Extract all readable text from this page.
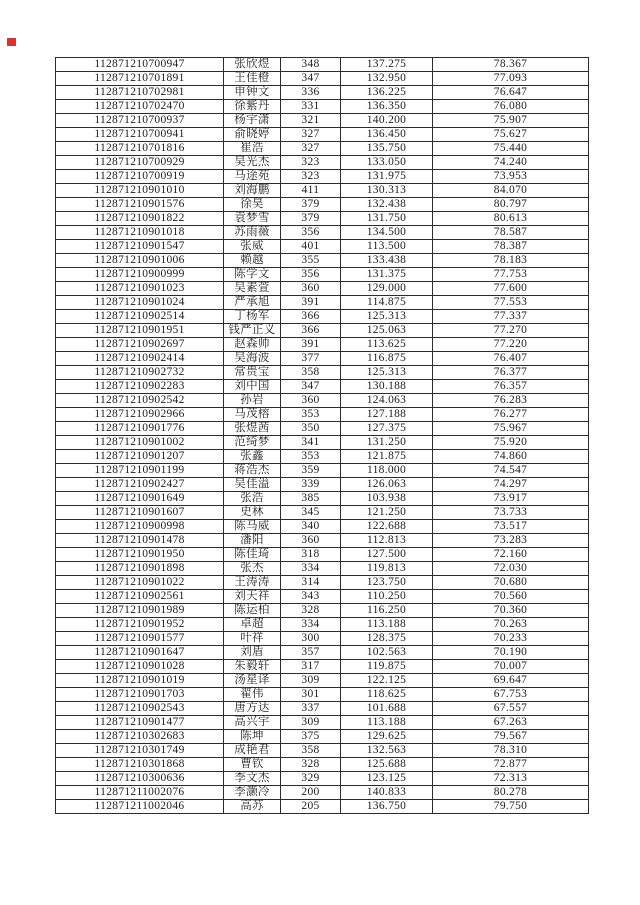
112871210700947	张欣煜	348	137.275	78.367
112871210701891	王佳橙	347	132.950	77.093
112871210702981	申钟文	336	136.225	76.647
112871210702470	徐紫丹	331	136.350	76.080
112871210700937	杨宇潇	321	140.200	75.907
112871210700941	俞晓婷	327	136.450	75.627
112871210701816	崔浩	327	135.750	75.440
112871210700929	吴光杰	323	133.050	74.240
112871210700919	马途苑	323	131.975	73.953
112871210901010	刘海鹏	411	130.313	84.070
112871210901576	徐昊	379	132.438	80.797
112871210901822	袁梦雪	379	131.750	80.613
112871210901018	苏雨薇	356	134.500	78.587
112871210901547	张威	401	113.500	78.387
112871210901006	赖越	355	133.438	78.183
112871210900999	陈学文	356	131.375	77.753
112871210901023	吴素萱	360	129.000	77.600
112871210901024	严承旭	391	114.875	77.553
112871210902514	丁杨军	366	125.313	77.337
112871210901951	钱严正义	366	125.063	77.270
112871210902697	赵森帅	391	113.625	77.220
112871210902414	吴海波	377	116.875	76.407
112871210902732	常贵宝	358	125.313	76.377
112871210902283	刘中国	347	130.188	76.357
112871210902542	孙岩	360	124.063	76.283
112871210902966	马茂榕	353	127.188	76.277
112871210901776	张煜茜	350	127.375	75.967
112871210901002	范绮梦	341	131.250	75.920
112871210901207	张鑫	353	121.875	74.860
112871210901199	蒋浩杰	359	118.000	74.547
112871210902427	吴佳溢	339	126.063	74.297
112871210901649	张浩	385	103.938	73.917
112871210901607	史林	345	121.250	73.733
112871210900998	陈马威	340	122.688	73.517
112871210901478	潘阳	360	112.813	73.283
112871210901950	陈佳琦	318	127.500	72.160
112871210901898	张杰	334	119.813	72.030
112871210901022	王涛涛	314	123.750	70.680
112871210902561	刘天祥	343	110.250	70.560
112871210901989	陈运柏	328	116.250	70.360
112871210901952	卓超	334	113.188	70.263
112871210901577	叶祥	300	128.375	70.233
112871210901647	刘盾	357	102.563	70.190
112871210901028	朱毅轩	317	119.875	70.007
112871210901019	汤星译	309	122.125	69.647
112871210901703	翟伟	301	118.625	67.753
112871210902543	唐方达	337	101.688	67.557
112871210901477	高兴宇	309	113.188	67.263
112871210302683	陈坤	375	129.625	79.567
112871210301749	成艳君	358	132.563	78.310
112871210301868	曹钦	328	125.688	72.877
112871210300636	李文杰	329	123.125	72.313
112871211002076	李灏冷	200	140.833	80.278
112871211002046	高苏	205	136.750	79.750
